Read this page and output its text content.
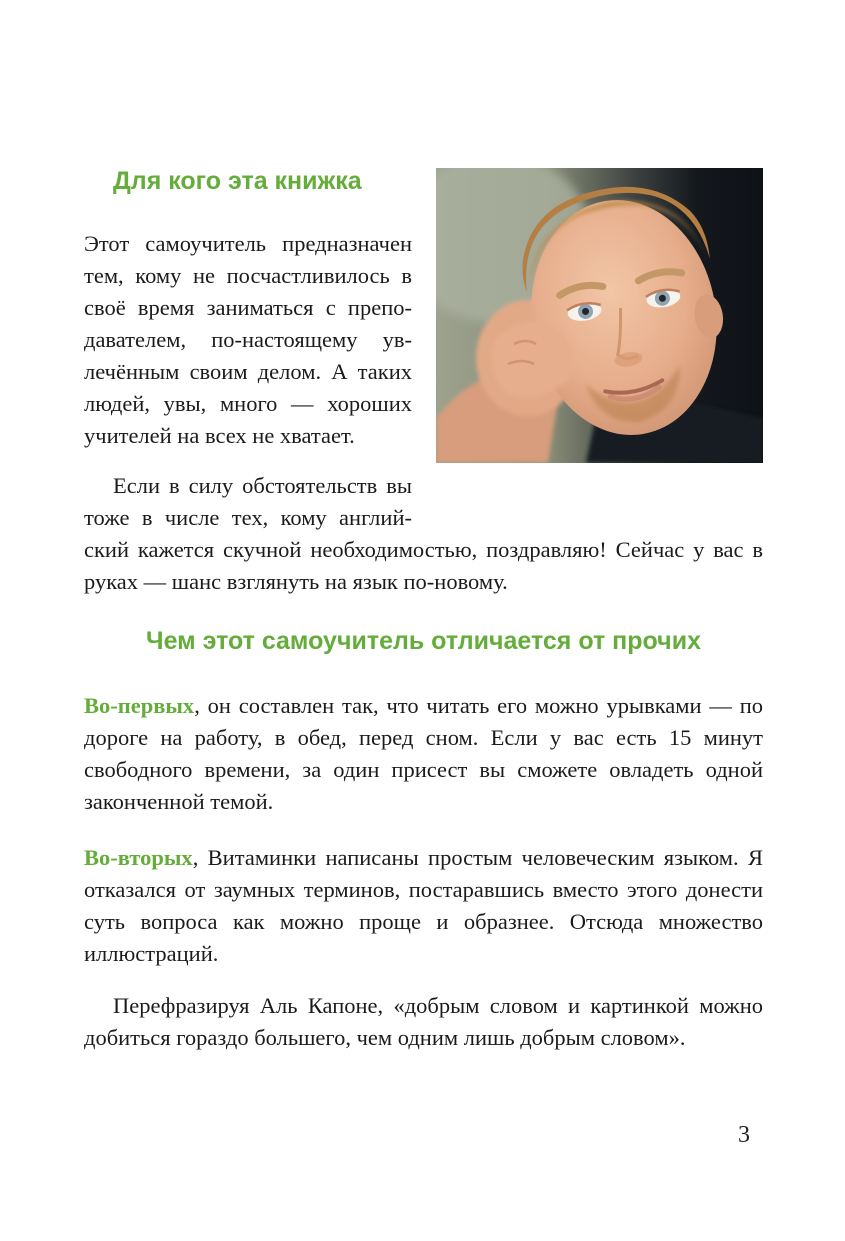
Для кого эта книжка

Этот самоучитель предназначен тем, кому не посчастливилось в своё время заниматься с преподавателем, по-настоящему увлечённым своим делом. А таких людей, увы, много — хороших учителей на всех не хватает.

Если в силу обстоятельств вы тоже в числе тех, кому английский кажется скучной необходимостью, поздравляю! Сейчас у вас в руках — шанс взглянуть на язык по-новому.

Чем этот самоучитель отличается от прочих

Во-первых, он составлен так, что читать его можно урывками — по дороге на работу, в обед, перед сном. Если у вас есть 15 минут свободного времени, за один присест вы сможете овладеть одной законченной темой.

Во-вторых, Витаминки написаны простым человеческим языком. Я отказался от заумных терминов, постаравшись вместо этого донести суть вопроса как можно проще и образнее. Отсюда множество иллюстраций.

Перефразируя Аль Капоне, «добрым словом и картинкой можно добиться гораздо большего, чем одним лишь добрым словом».

3
